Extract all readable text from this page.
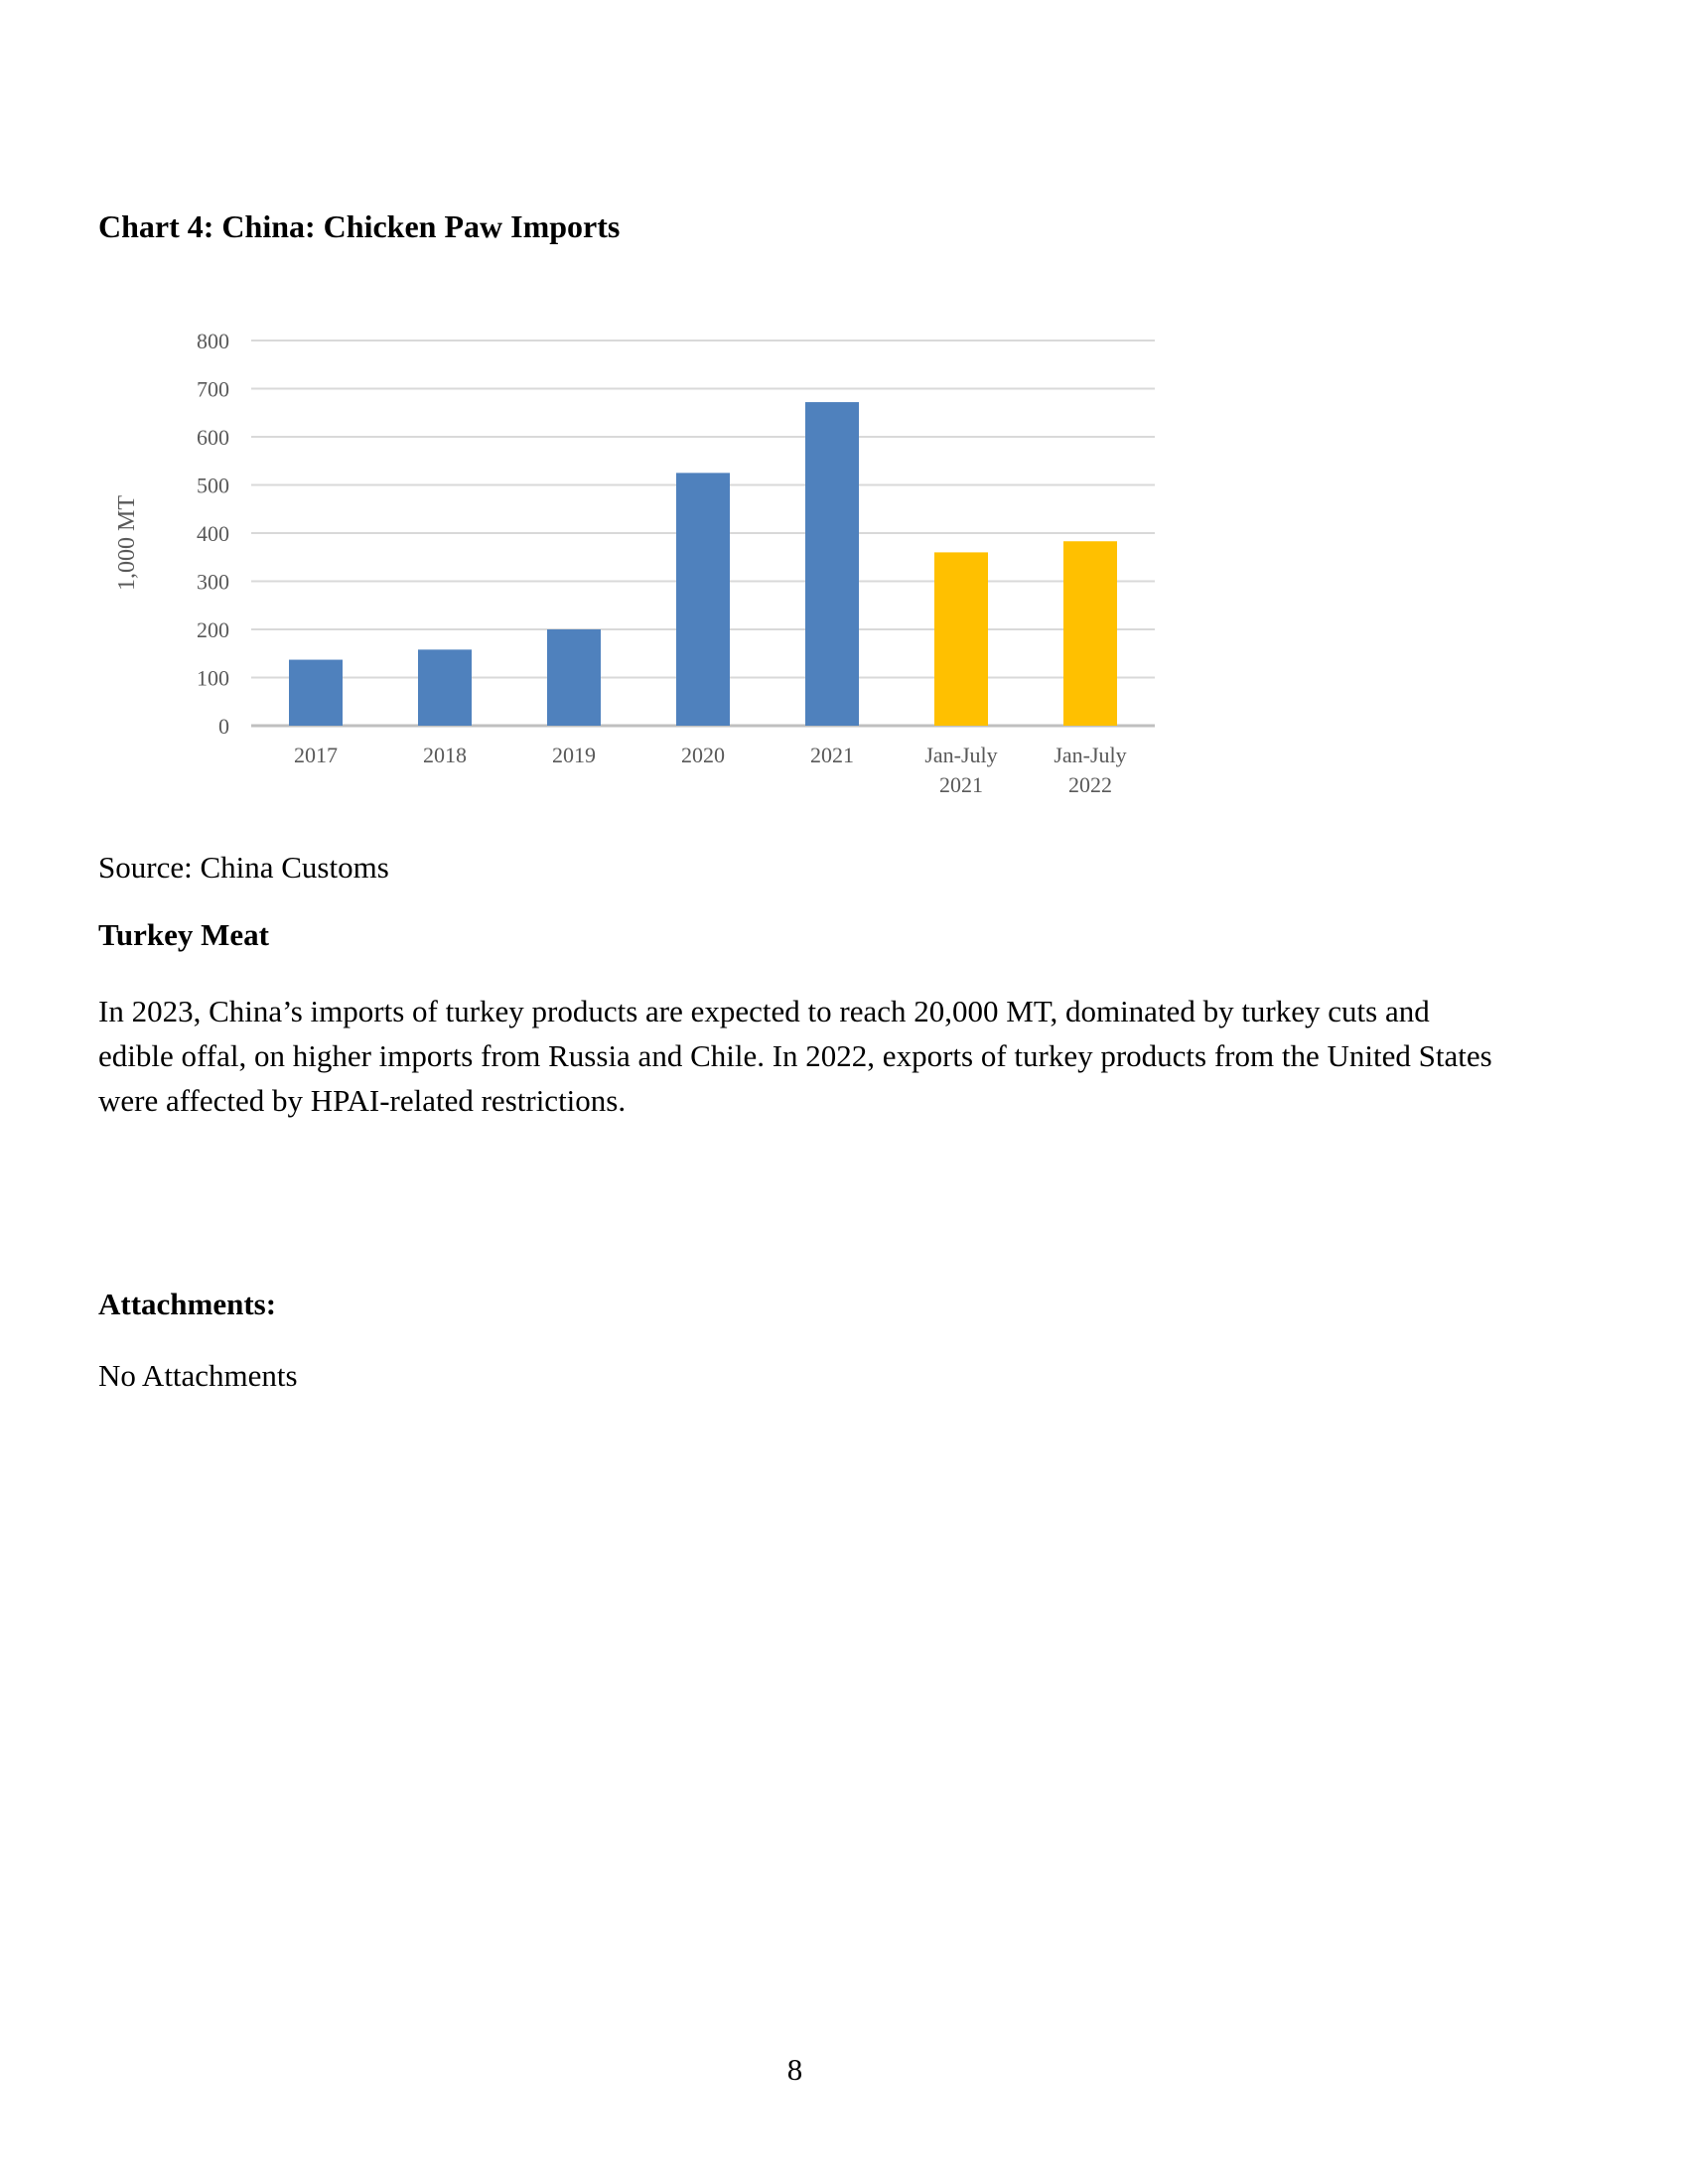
Chart 4: China: Chicken Paw Imports
0
100
200
300
400
500
600
700
800
2017	2018	2019	2020	2021	Jan-July 2021
Jan-July 2022
1,000 MT
Source: China Customs
Turkey Meat
In 2023, China’s imports of turkey products are expected to reach 20,000 MT, dominated by turkey cuts and edible offal, on higher imports from Russia and Chile. In 2022, exports of turkey products from the United States were affected by HPAI-related restrictions.
Attachments:
No Attachments
8
